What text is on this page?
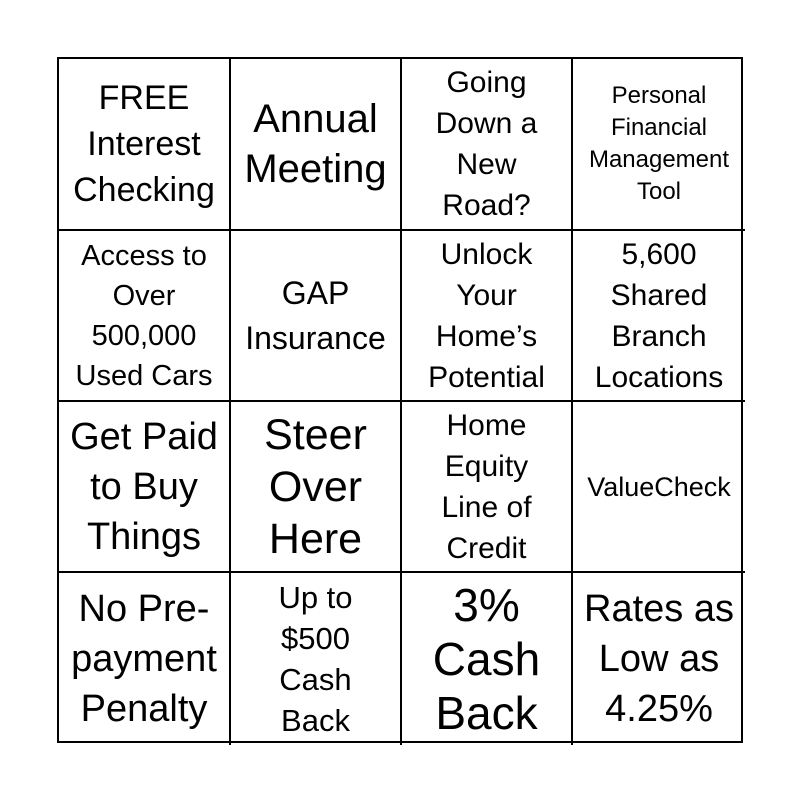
FREE
Interest
Checking
Annual
Meeting
Going
Down a
New
Road?
Personal
Financial
Management
Tool
Access to
Over
500,000
Used Cars
GAP
Insurance
Unlock
Your
Home’s
Potential
5,600
Shared
Branch
Locations
Get Paid
to Buy
Things
Steer
Over
Here
Home
Equity
Line of
Credit
ValueCheck
No Pre-
payment
Penalty
Up to
$500
Cash
Back
3%
Cash
Back
Rates as
Low as
4.25%
